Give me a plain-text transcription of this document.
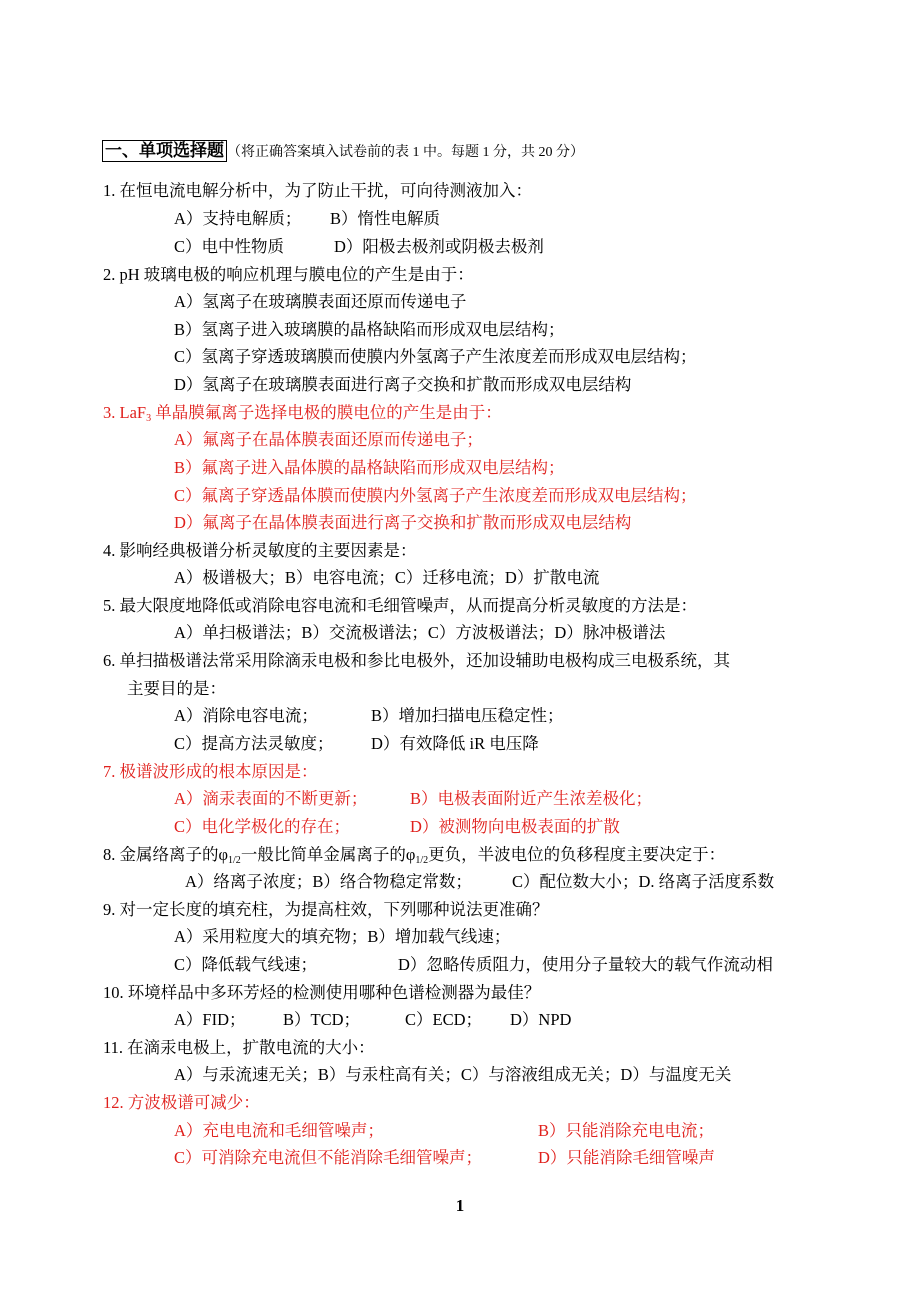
一、单项选择题 （将正确答案填入试卷前的表 1 中。每题 1 分，共 20 分）
1. 在恒电流电解分析中，为了防止干扰，可向待测液加入：
A）支持电解质； B）惰性电解质
C）电中性物质	D）阳极去极剂或阴极去极剂
2. pH 玻璃电极的响应机理与膜电位的产生是由于：
A）氢离子在玻璃膜表面还原而传递电子
B）氢离子进入玻璃膜的晶格缺陷而形成双电层结构；
C）氢离子穿透玻璃膜而使膜内外氢离子产生浓度差而形成双电层结构；
D）氢离子在玻璃膜表面进行离子交换和扩散而形成双电层结构
3. LaF$_3$ 单晶膜氟离子选择电极的膜电位的产生是由于：
A）氟离子在晶体膜表面还原而传递电子；
B）氟离子进入晶体膜的晶格缺陷而形成双电层结构；
C）氟离子穿透晶体膜而使膜内外氢离子产生浓度差而形成双电层结构；
D）氟离子在晶体膜表面进行离子交换和扩散而形成双电层结构
4. 影响经典极谱分析灵敏度的主要因素是：
A）极谱极大；B）电容电流；C）迁移电流；D）扩散电流
5. 最大限度地降低或消除电容电流和毛细管噪声，从而提高分析灵敏度的方法是：
A）单扫极谱法；B）交流极谱法；C）方波极谱法；D）脉冲极谱法
6. 单扫描极谱法常采用除滴汞电极和参比电极外，还加设辅助电极构成三电极系统，其
主要目的是：
A）消除电容电流；	B）增加扫描电压稳定性；
C）提高方法灵敏度； D）有效降低 iR 电压降
7. 极谱波形成的根本原因是：
A）滴汞表面的不断更新；	B）电极表面附近产生浓差极化；
C）电化学极化的存在；	D）被测物向电极表面的扩散
8. 金属络离子的$\varphi_{1/2}$一般比简单金属离子的$\varphi_{1/2}$更负，半波电位的负移程度主要决定于：
A）络离子浓度；B）络合物稳定常数； C）配位数大小；D. 络离子活度系数
9. 对一定长度的填充柱，为提高柱效，下列哪种说法更准确？
A）采用粒度大的填充物；B）增加载气线速；
C）降低载气线速；	D）忽略传质阻力，使用分子量较大的载气作流动相
10. 环境样品中多环芳烃的检测使用哪种色谱检测器为最佳？
A）FID； B）TCD；	C）ECD； D）NPD
11. 在滴汞电极上，扩散电流的大小：
A）与汞流速无关；B）与汞柱高有关；C）与溶液组成无关；D）与温度无关
12. 方波极谱可减少：
A）充电电流和毛细管噪声；	B）只能消除充电电流；
C）可消除充电流但不能消除毛细管噪声；	D）只能消除毛细管噪声
1
